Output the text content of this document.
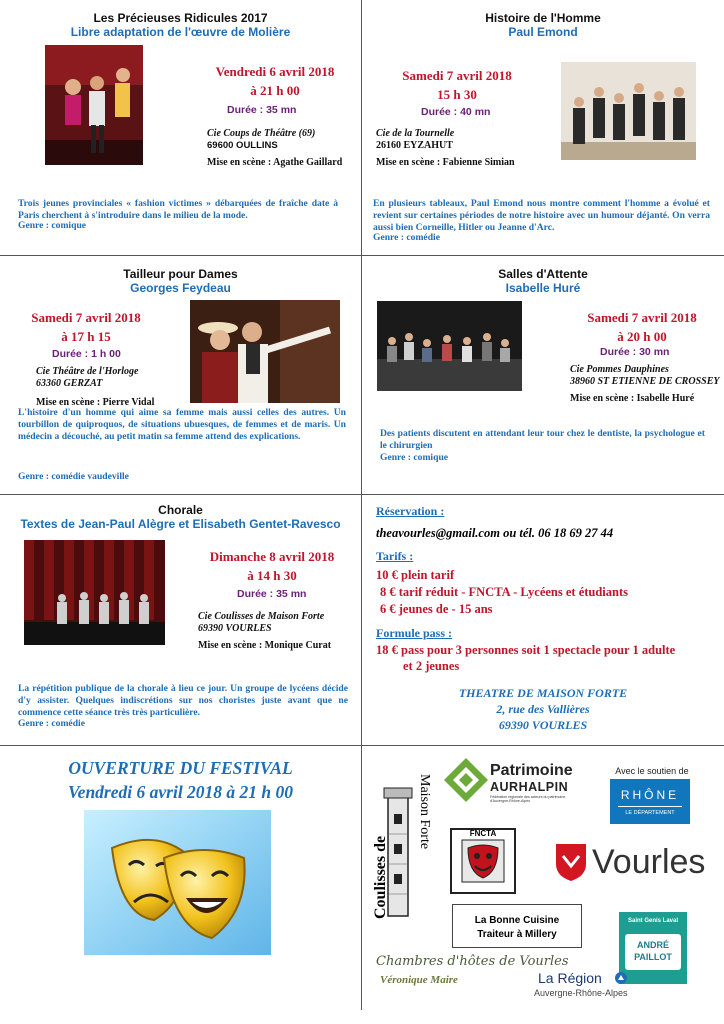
Les Précieuses Ridicules 2017
Libre adaptation de l'œuvre de Molière
Vendredi 6 avril 2018
à 21 h 00
Durée : 35 mn
Cie Coups de Théâtre (69)
69600 OULLINS
Mise en scène : Agathe Gaillard
Trois jeunes provinciales « fashion victimes » débarquées de fraîche date à Paris cherchent à s'introduire dans le milieu de la mode.
Genre : comique
Histoire de l'Homme
Paul Emond
Samedi 7 avril 2018
15 h 30
Durée : 40 mn
Cie de la Tournelle
26160 EYZAHUT
Mise en scène : Fabienne Simian
En plusieurs tableaux, Paul Emond nous montre comment l'homme a évolué et revient sur certaines périodes de notre histoire avec un humour déjanté. On verra aussi bien Corneille, Hitler ou Jeanne d'Arc.
Genre : comédie
Tailleur pour Dames
Georges Feydeau
Samedi 7 avril 2018
à 17 h 15
Durée : 1 h 00
Cie Théâtre de l'Horloge
63360 GERZAT
Mise en scène : Pierre Vidal
L'histoire d'un homme qui aime sa femme mais aussi celles des autres. Un tourbillon de quiproquos, de situations ubuesques, de femmes et de maris. Un médecin a découché, au petit matin sa femme attend des explications.
Genre : comédie vaudeville
Salles d'Attente
Isabelle Huré
Samedi 7 avril 2018
à 20 h 00
Durée : 30 mn
Cie Pommes Dauphines
38960 ST ETIENNE DE CROSSEY
Mise en scène : Isabelle Huré
Des patients discutent en attendant leur tour chez le dentiste, la psychologue et le chirurgien
Genre : comique
Chorale
Textes de Jean-Paul Alègre et Elisabeth Gentet-Ravesco
Dimanche 8 avril 2018
à 14 h 30
Durée : 35 mn
Cie Coulisses de Maison Forte
69390 VOURLES
Mise en scène : Monique Curat
La répétition publique de la chorale à lieu ce jour. Un groupe de lycéens décide d'y assister. Quelques indiscrétions sur nos choristes juste avant que ne commence cette séance très très particulière.
Genre : comédie
Réservation :
theavourles@gmail.com ou tél. 06 18 69 27 44
Tarifs :
10 € plein tarif
8 € tarif réduit - FNCTA - Lycéens et étudiants
6 € jeunes de - 15 ans
Formule pass :
18 € pass pour 3 personnes soit 1 spectacle pour 1 adulte
et 2 jeunes
THEATRE DE MAISON FORTE
2, rue des Vallières
69390 VOURLES
OUVERTURE DU FESTIVAL
Vendredi 6 avril 2018 à 21 h 00
Coulisses de
Maison Forte
Patrimoine
AURHALPIN
Fédération régionale des acteurs du patrimoine d'Auvergne-Rhône-Alpes
Avec le soutien de
RHÔNE
LE DÉPARTEMENT
FNCTA
Vourles
La Bonne Cuisine
Traiteur à Millery
Saint Genis Laval
ANDRÉ
PAILLOT
Chambres d'hôtes de Vourles
Véronique Maire	La Région
Auvergne-Rhône-Alpes
